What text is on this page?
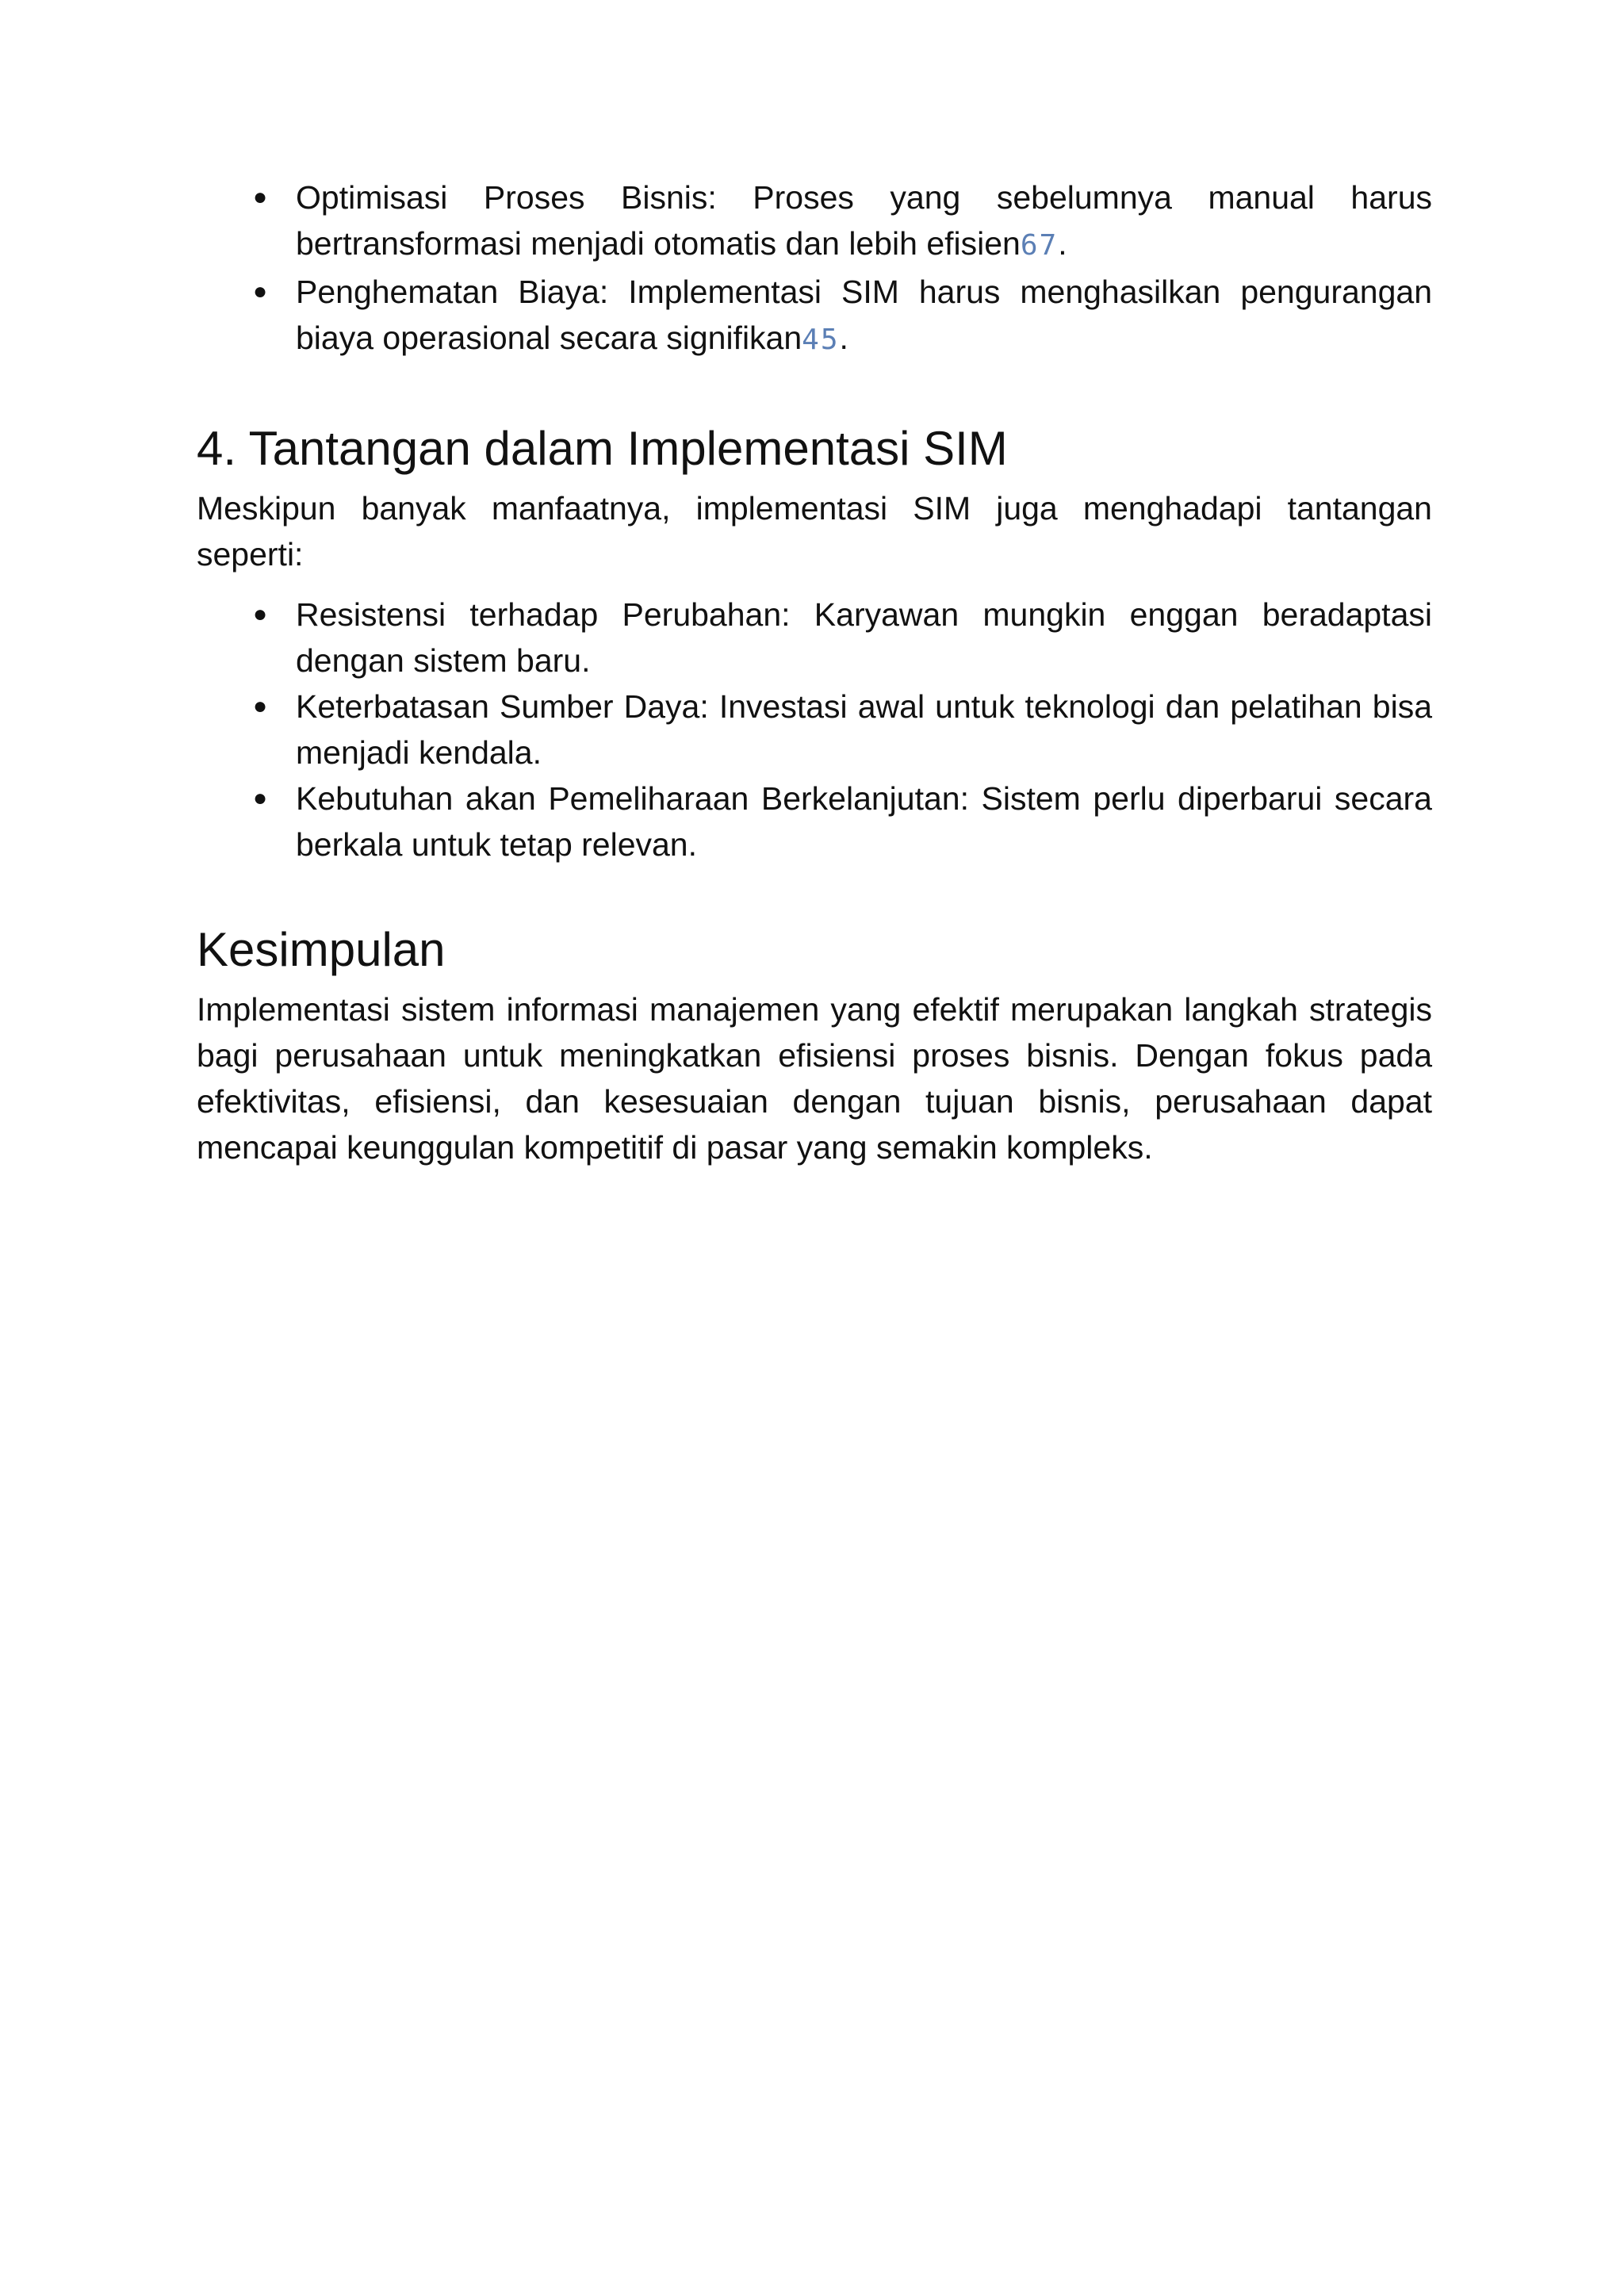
● Optimisasi Proses Bisnis: Proses yang sebelumnya manual harus bertransformasi menjadi otomatis dan lebih efisien67.
● Penghematan Biaya: Implementasi SIM harus menghasilkan pengurangan biaya operasional secara signifikan45.
4. Tantangan dalam Implementasi SIM

Meskipun banyak manfaatnya, implementasi SIM juga menghadapi tantangan seperti:

● Resistensi terhadap Perubahan: Karyawan mungkin enggan beradaptasi dengan sistem baru.
● Keterbatasan Sumber Daya: Investasi awal untuk teknologi dan pelatihan bisa menjadi kendala.
● Kebutuhan akan Pemeliharaan Berkelanjutan: Sistem perlu diperbarui secara berkala untuk tetap relevan.
Kesimpulan

Implementasi sistem informasi manajemen yang efektif merupakan langkah strategis bagi perusahaan untuk meningkatkan efisiensi proses bisnis. Dengan fokus pada efektivitas, efisiensi, dan kesesuaian dengan tujuan bisnis, perusahaan dapat mencapai keunggulan kompetitif di pasar yang semakin kompleks.
